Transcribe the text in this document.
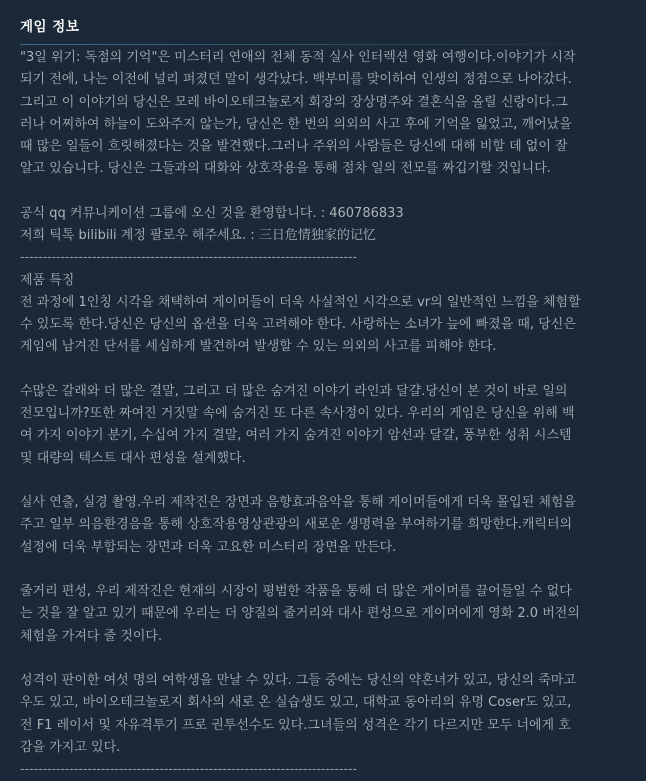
게임 정보
"3일 위기: 독점의 기억"은 미스터리 연애의 전체 동적 실사 인터렉션 영화 여행이다.이야기가 시작
되기 전에, 나는 이전에 널리 퍼졌던 말이 생각났다. 백부미를 맞이하여 인생의 정점으로 나아갔다.
그리고 이 이야기의 당신은 모레 바이오테크놀로지 회장의 장상명주와 결혼식을 올릴 신랑이다.그
러나 어찌하여 하늘이 도와주지 않는가, 당신은 한 번의 의외의 사고 후에 기억을 잃었고, 깨어났을
때 많은 일들이 흐릿해졌다는 것을 발견했다.그러나 주위의 사람들은 당신에 대해 비할 데 없이 잘
알고 있습니다. 당신은 그들과의 대화와 상호작용을 통해 점차 일의 전모를 짜깁기할 것입니다.
공식 qq 커뮤니케이션 그룹에 오신 것을 환영합니다. : 460786833
저희 틱톡 bilibili 계정 팔로우 해주세요. : 三日危情独家的记忆
---------------------------------------------------------------------------
제품 특징
전 과정에 1인칭 시각을 채택하여 게이머들이 더욱 사실적인 시각으로 vr의 일반적인 느낌을 체험할
수 있도록 한다.당신은 당신의 옵션을 더욱 고려해야 한다. 사랑하는 소녀가 늪에 빠졌을 때, 당신은
게임에 남겨진 단서를 세심하게 발견하여 발생할 수 있는 의외의 사고를 피해야 한다.
수많은 갈래와 더 많은 결말, 그리고 더 많은 숨겨진 이야기 라인과 달걀.당신이 본 것이 바로 일의
전모입니까?또한 짜여진 거짓말 속에 숨겨진 또 다른 속사정이 있다. 우리의 게임은 당신을 위해 백
여 가지 이야기 분기, 수십여 가지 결말, 여러 가지 숨겨진 이야기 암선과 달걀, 풍부한 성취 시스템
및 대량의 텍스트 대사 편성을 설계했다.
실사 연출, 실경 촬영.우리 제작진은 장면과 음향효과음악을 통해 게이머들에게 더욱 몰입된 체험을
주고 일부 의음환경음을 통해 상호작용영상관광의 새로운 생명력을 부여하기를 희망한다.캐릭터의
설정에 더욱 부합되는 장면과 더욱 고요한 미스터리 장면을 만든다.
줄거리 편성, 우리 제작진은 현재의 시장이 평범한 작품을 통해 더 많은 게이머를 끌어들일 수 없다
는 것을 잘 알고 있기 때문에 우리는 더 양질의 줄거리와 대사 편성으로 게이머에게 영화 2.0 버전의
체험을 가져다 줄 것이다.
성격이 판이한 여섯 명의 여학생을 만날 수 있다. 그들 중에는 당신의 약혼녀가 있고, 당신의 죽마고
우도 있고, 바이오테크놀로지 회사의 새로 온 실습생도 있고, 대학교 동아리의 유명 Coser도 있고,
전 F1 레이서 및 자유격투기 프로 권투선수도 있다.그녀들의 성격은 각기 다르지만 모두 너에게 호
감을 가지고 있다.
---------------------------------------------------------------------------
